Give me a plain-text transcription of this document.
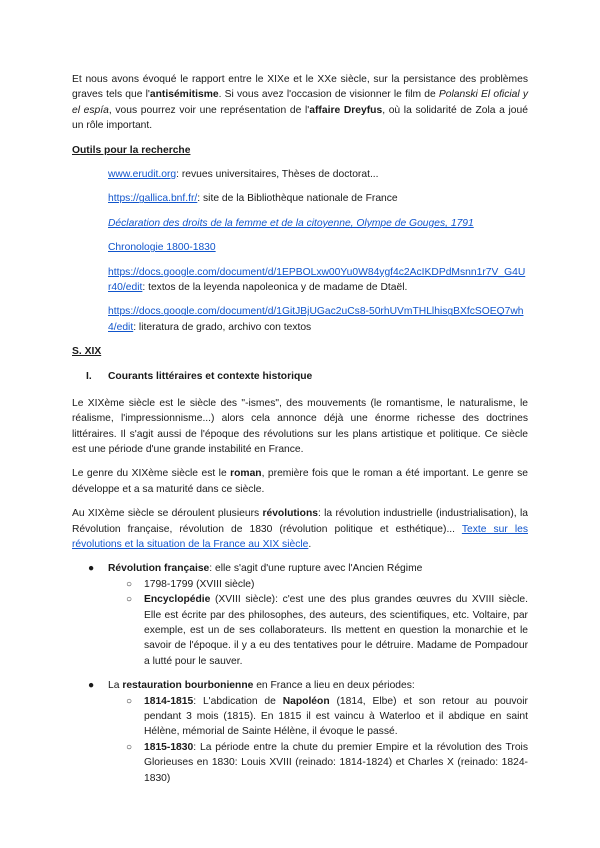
Et nous avons évoqué le rapport entre le XIXe et le XXe siècle, sur la persistance des problèmes graves tels que l'antisémitisme. Si vous avez l'occasion de visionner le film de Polanski El oficial y el espía, vous pourrez voir une représentation de l'affaire Dreyfus, où la solidarité de Zola a joué un rôle important.

Outils pour la recherche

www.erudit.org: revues universitaires, Thèses de doctorat...

https://gallica.bnf.fr/: site de la Bibliothèque nationale de France

Déclaration des droits de la femme et de la citoyenne, Olympe de Gouges, 1791

Chronologie 1800-1830

https://docs.google.com/document/d/1EPBOLxw00Yu0W84ygf4c2AcIKDPdMsnn1r7V_G4Ur40/edit: textos de la leyenda napoleonica y de madame de Dtaël.

https://docs.google.com/document/d/1GitJBjUGac2uCs8-50rhUVmTHLlhisgBXfcSOEQ7wh4/edit: literatura de grado, archivo con textos

S. XIX

I.	Courants littéraires et contexte historique

Le XIXème siècle est le siècle des "-ismes", des mouvements (le romantisme, le naturalisme, le réalisme, l'impressionnisme...) alors cela annonce déjà une énorme richesse des doctrines littéraires. Il s'agit aussi de l'époque des révolutions sur les plans artistique et politique. Ce siècle est une période d'une grande instabilité en France.

Le genre du XIXème siècle est le roman, première fois que le roman a été important. Le genre se développe et a sa maturité dans ce siècle.

Au XIXème siècle se déroulent plusieurs révolutions: la révolution industrielle (industrialisation), la Révolution française, révolution de 1830 (révolution politique et esthétique)... Texte sur les révolutions et la situation de la France au XIX siècle.

● Révolution française: elle s'agit d'une rupture avec l'Ancien Régime
○ 1798-1799 (XVIII siècle)
○ Encyclopédie (XVIII siècle): c'est une des plus grandes œuvres du XVIII siècle. Elle est écrite par des philosophes, des auteurs, des scientifiques, etc. Voltaire, par exemple, est un de ses collaborateurs. Ils mettent en question la monarchie et le savoir de l'époque. il y a eu des tentatives pour le détruire. Madame de Pompadour a lutté pour le sauver.
● La restauration bourbonienne en France a lieu en deux périodes:
○ 1814-1815: L'abdication de Napoléon (1814, Elbe) et son retour au pouvoir pendant 3 mois (1815). En 1815 il est vaincu à Waterloo et il abdique en saint Hélène, mémorial de Sainte Hélène, il évoque le passé.
○ 1815-1830: La période entre la chute du premier Empire et la révolution des Trois Glorieuses en 1830: Louis XVIII (reinado: 1814-1824) et Charles X (reinado: 1824-1830)
